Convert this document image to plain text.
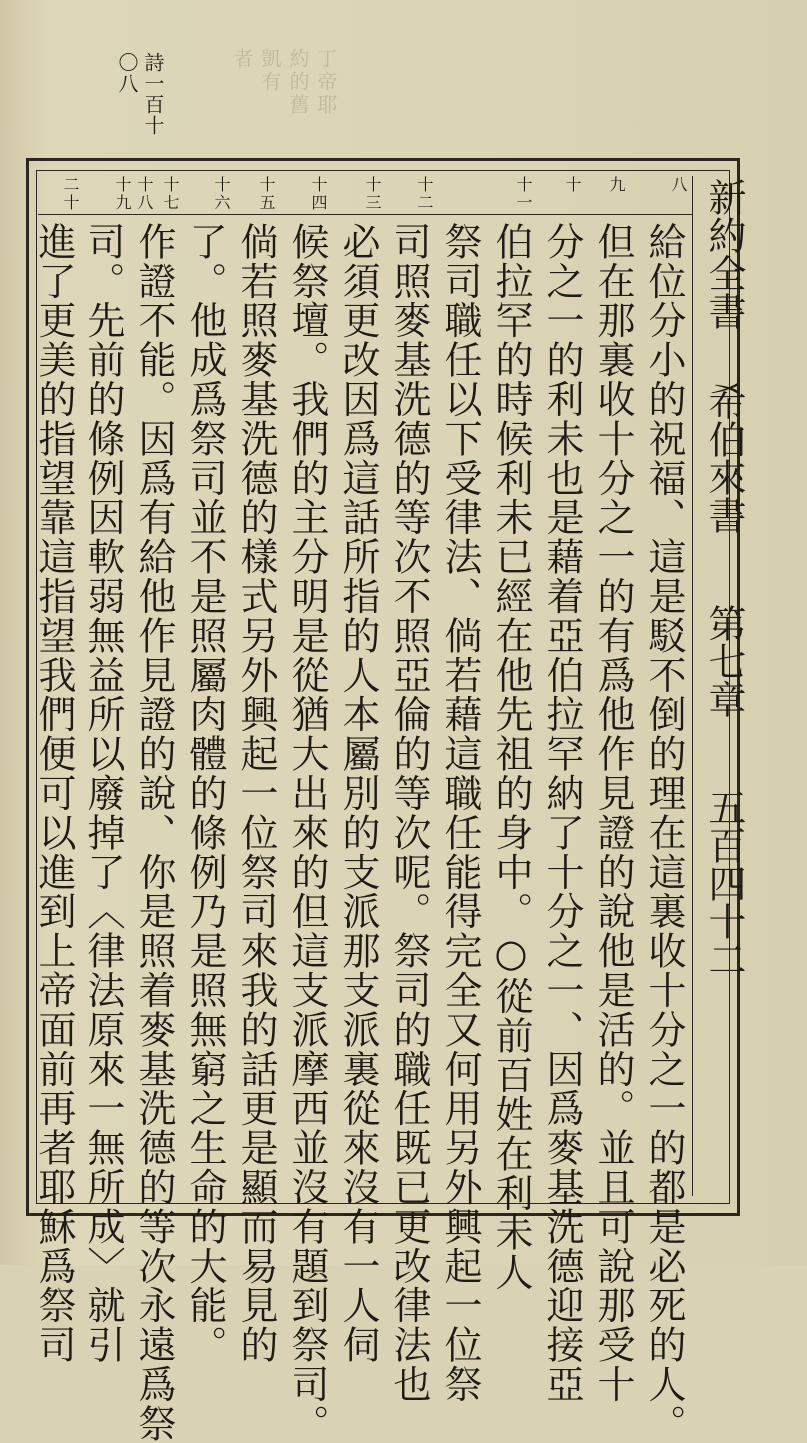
丁帝耶
約的舊
凱有
者
詩一百十
〇八
新約全書希伯來書第七章五百四十二
八
九
十
十一
十二
十三
十四
十五
十六
十七
十八
十九
二十
給位分小的祝福、這是駁不倒的理在這裏收十分之一的都是必死的人。
但在那裏收十分之一的有爲他作見證的說他是活的。並且可說那受十
分之一的利未也是藉着亞伯拉罕納了十分之一、因爲麥基洗德迎接亞
伯拉罕的時候利未已經在他先祖的身中。○從前百姓在利未人
祭司職任以下受律法、倘若藉這職任能得完全又何用另外興起一位祭
司照麥基洗德的等次不照亞倫的等次呢。祭司的職任既已更改律法也
必須更改因爲這話所指的人本屬別的支派那支派裏從來沒有一人伺
候祭壇。我們的主分明是從猶大出來的但這支派摩西並沒有題到祭司。
倘若照麥基洗德的樣式另外興起一位祭司來我的話更是顯而易見的
了。他成爲祭司並不是照屬肉體的條例乃是照無窮之生命的大能。
作證不能。因爲有給他作見證的說、你是照着麥基洗德的等次永遠爲祭
司。先前的條例因軟弱無益所以廢掉了〈律法原來一無所成〉就引
進了更美的指望靠這指望我們便可以進到上帝面前再者耶穌爲祭司
